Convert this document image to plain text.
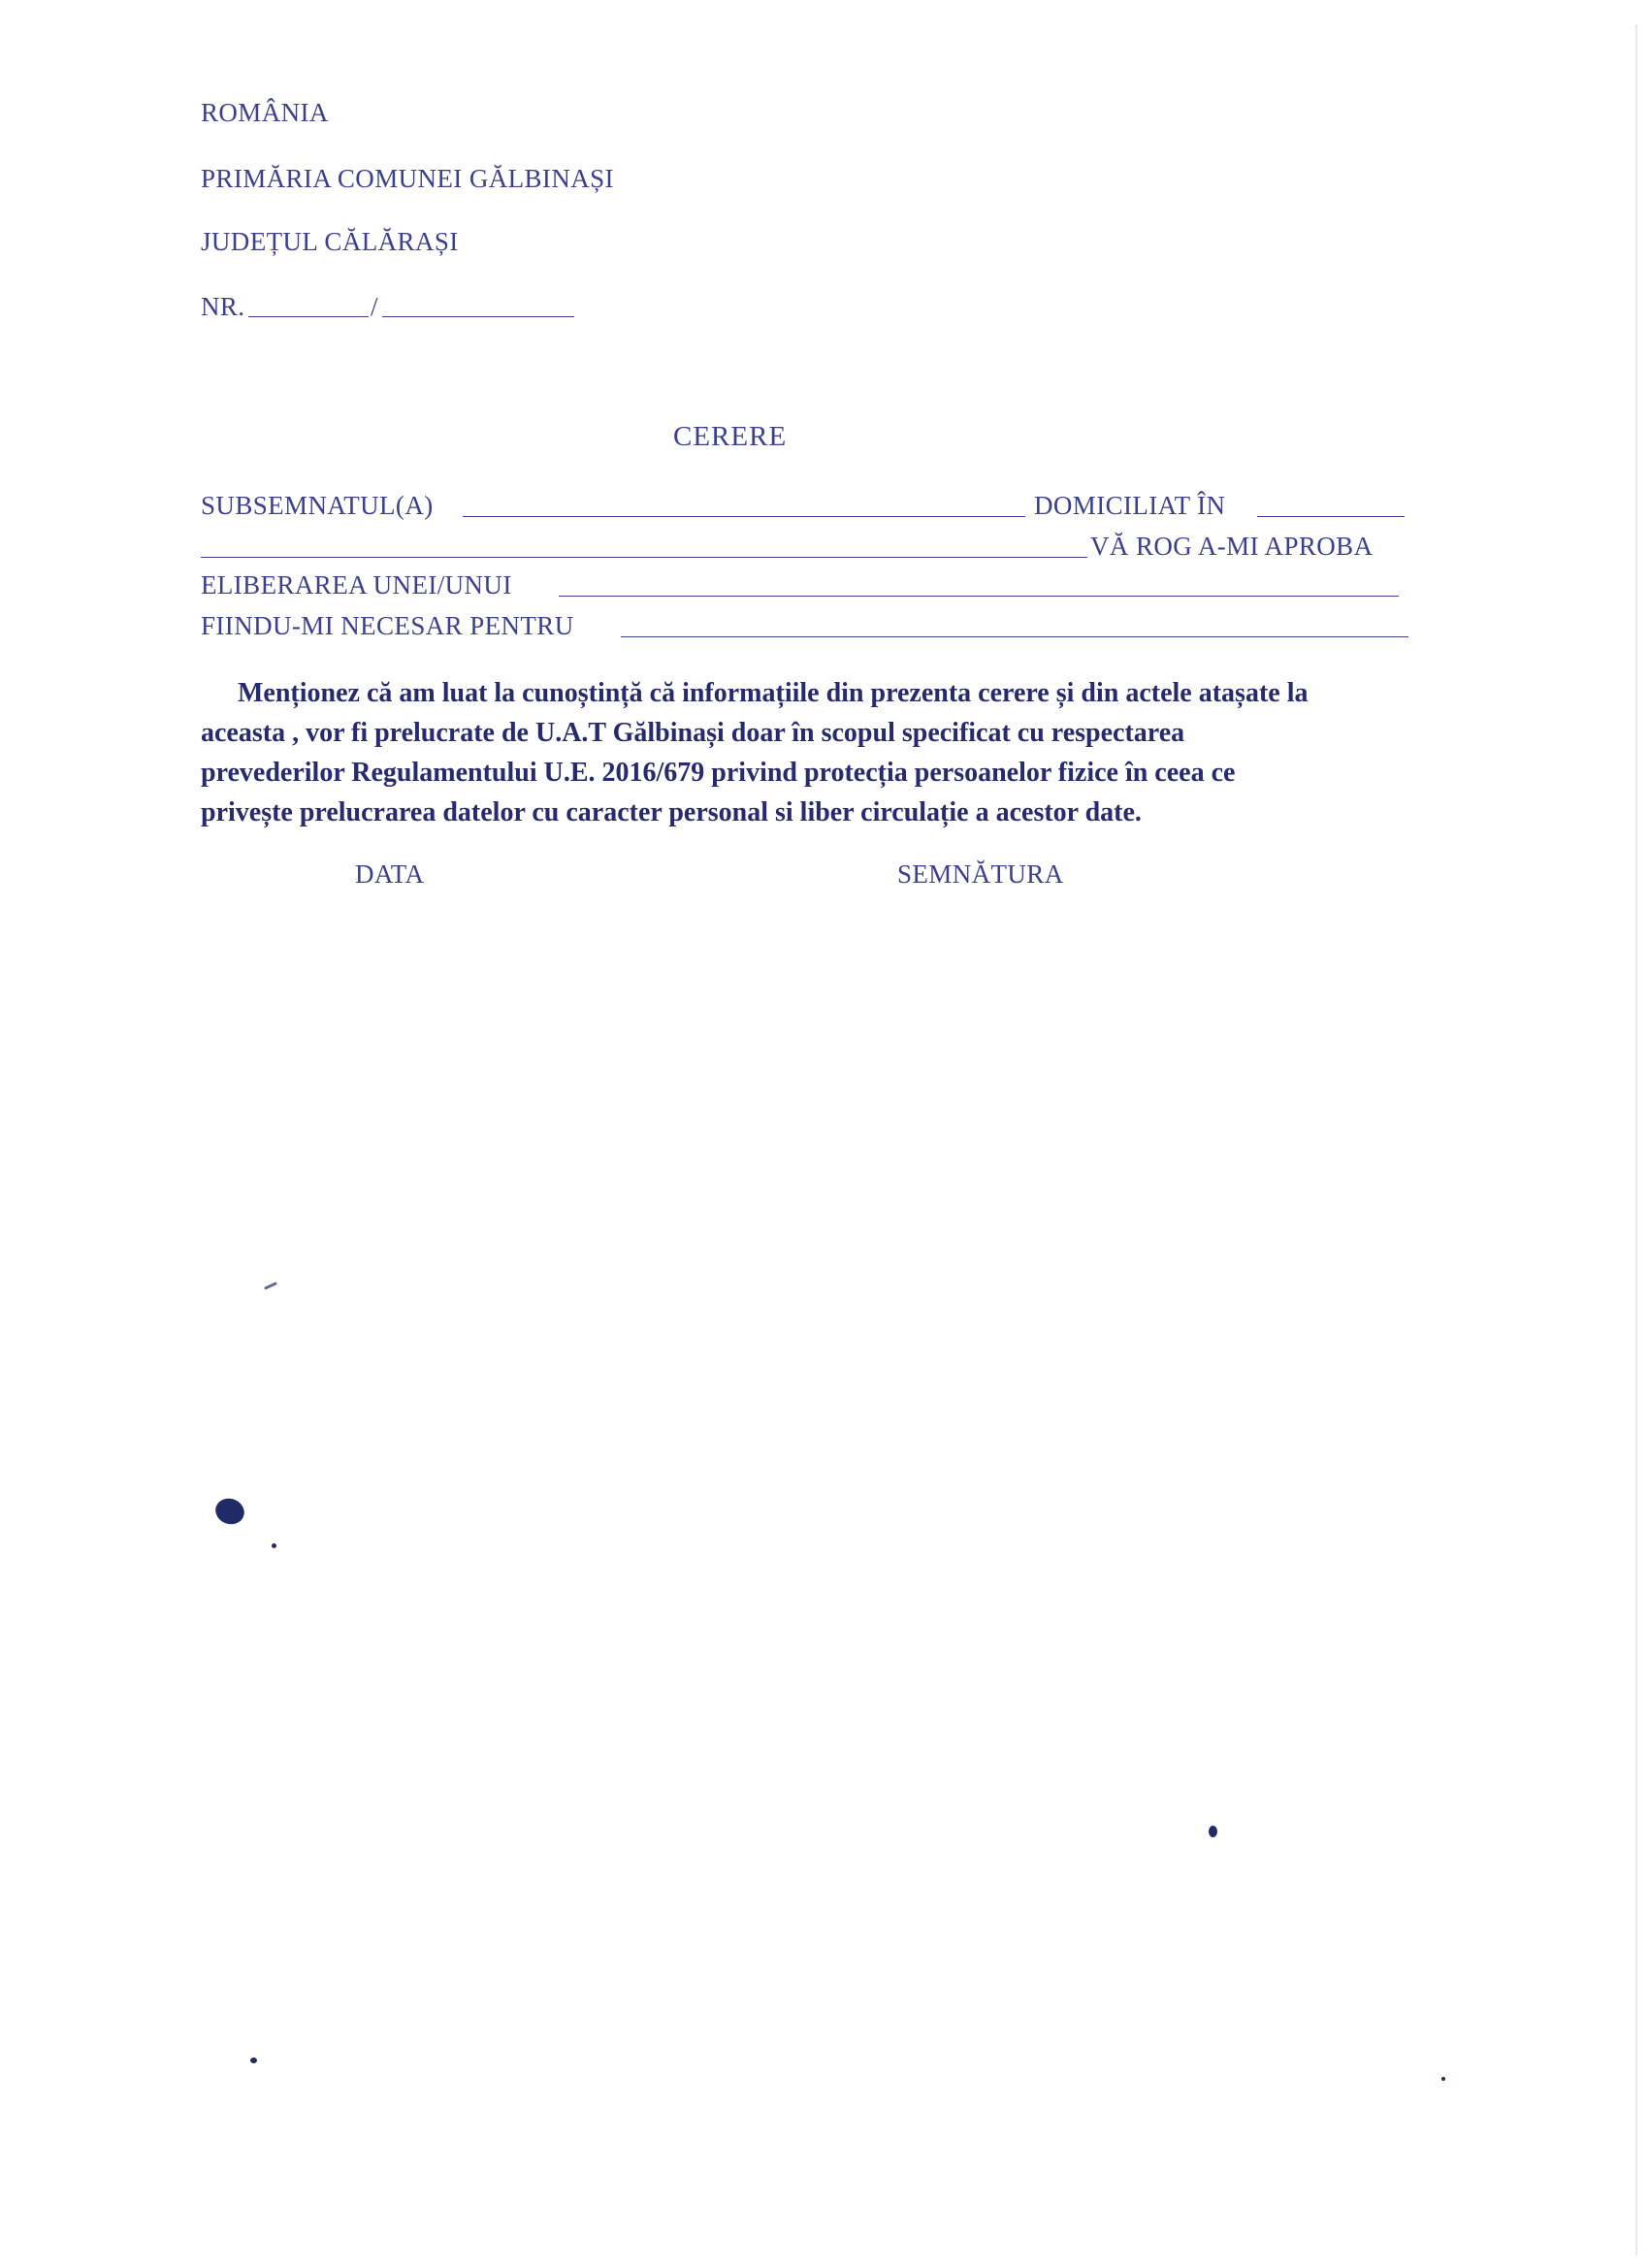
ROMÂNIA
PRIMĂRIA COMUNEI GĂLBINAȘI
JUDEȚUL CĂLĂRAȘI
NR.	/
CERERE
SUBSEMNATUL(A)	DOMICILIAT ÎN
VĂ ROG A-MI APROBA
ELIBERAREA UNEI/UNUI
FIINDU-MI NECESAR PENTRU
Menționez că am luat la cunoștință că informațiile din prezenta cerere și din actele atașate la
aceasta , vor fi prelucrate de U.A.T Gălbinași doar în scopul specificat cu respectarea
prevederilor Regulamentului U.E. 2016/679 privind protecția persoanelor fizice în ceea ce
privește prelucrarea datelor cu caracter personal si liber circulație a acestor date.
DATA	SEMNĂTURA
